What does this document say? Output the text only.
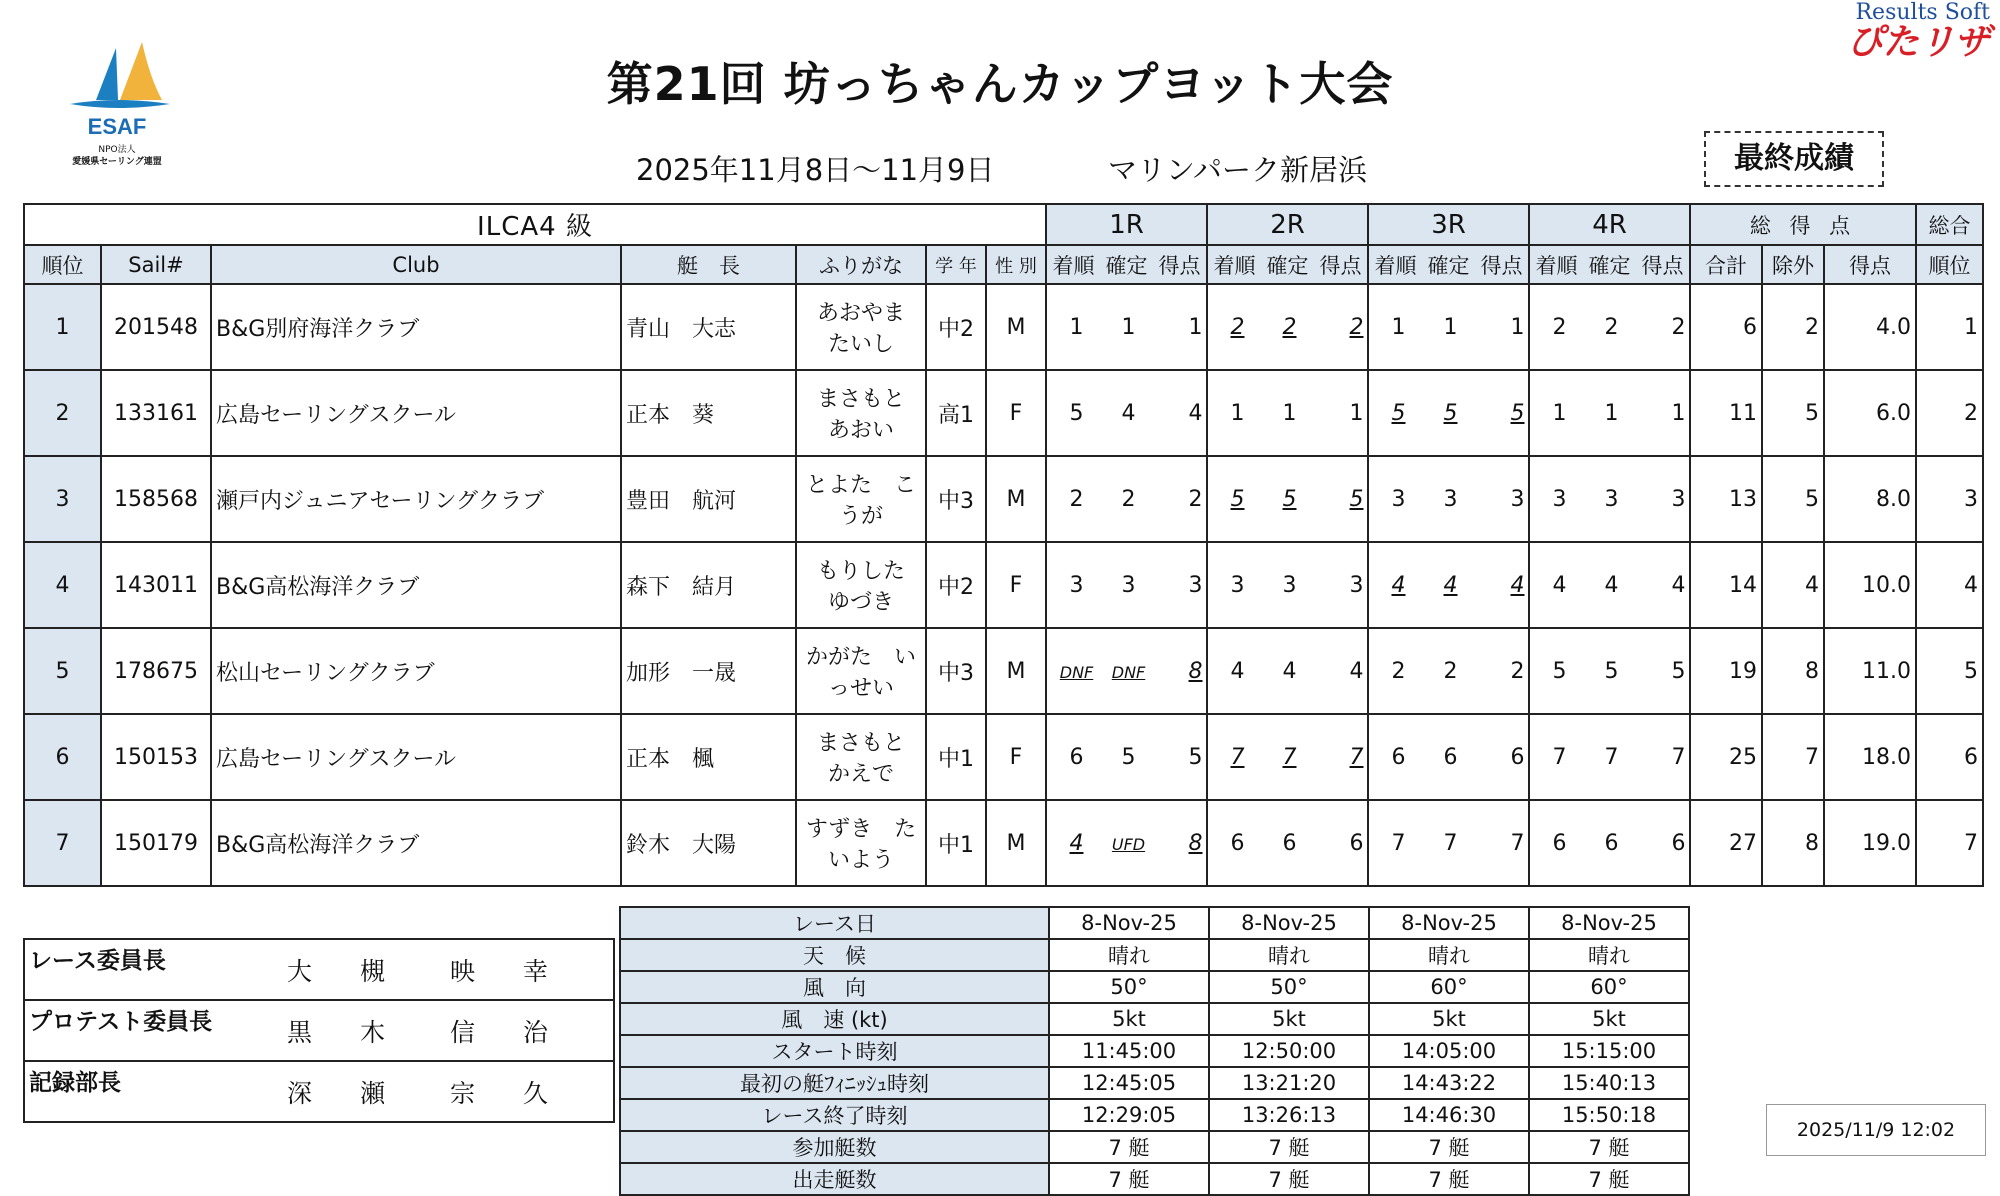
ESAF
NPO法人
愛媛県セーリング連盟
Results Soft
ぴたリザ
第21回 坊っちゃんカップヨット大会
2025年11月8日～11月9日	マリンパーク新居浜	最終成績
ILCA4 級							1R	2R	3R	4R	総 得 点			総合
順位	Sail#	Club	艇　長	ふりがな	学 年	性 別	着順 確定 得点	着順 確定 得点	着順 確定 得点	着順 確定 得点	合計	除外	得点	順位
1	201548	B&G別府海洋クラブ	青山　大志	あおやま　たいし	中2	M	1 1 1	2 2 2	1 1 1	2 2 2	6	2	4.0	1
2	133161	広島セーリングスクール	正本　葵	まさもと　あおい	高1	F	5 4 4	1 1 1	5 5 5	1 1 1	11	5	6.0	2
3	158568	瀬戸内ジュニアセーリングクラブ	豊田　航河	とよた　こうが	中3	M	2 2 2	5 5 5	3 3 3	3 3 3	13	5	8.0	3
4	143011	B&G高松海洋クラブ	森下　結月	もりした　ゆづき	中2	F	3 3 3	3 3 3	4 4 4	4 4 4	14	4	10.0	4
5	178675	松山セーリングクラブ	加形　一晟	かがた　いっせい	中3	M	DNF DNF 8	4 4 4	2 2 2	5 5 5	19	8	11.0	5
6	150153	広島セーリングスクール	正本　楓	まさもと　かえで	中1	F	6 5 5	7 7 7	6 6 6	7 7 7	25	7	18.0	6
7	150179	B&G高松海洋クラブ	鈴木　大陽	すずき　たいよう	中1	M	4 UFD 8	6 6 6	7 7 7	6 6 6	27	8	19.0	7
レース委員長	大 槻　映 幸
プロテスト委員長	黒 木　信 治
記録部長	深 瀬　宗 久
レース日	8-Nov-25	8-Nov-25	8-Nov-25	8-Nov-25
天　候	晴れ	晴れ	晴れ	晴れ
風　向	50°	50°	60°	60°
風　速 (kt)	5kt	5kt	5kt	5kt
スタート時刻	11:45:00	12:50:00	14:05:00	15:15:00
最初の艇ﾌｨﾆｯｼｭ時刻	12:45:05	13:21:20	14:43:22	15:40:13
レース終了時刻	12:29:05	13:26:13	14:46:30	15:50:18
参加艇数	7 艇	7 艇	7 艇	7 艇
出走艇数	7 艇	7 艇	7 艇	7 艇
2025/11/9 12:02
